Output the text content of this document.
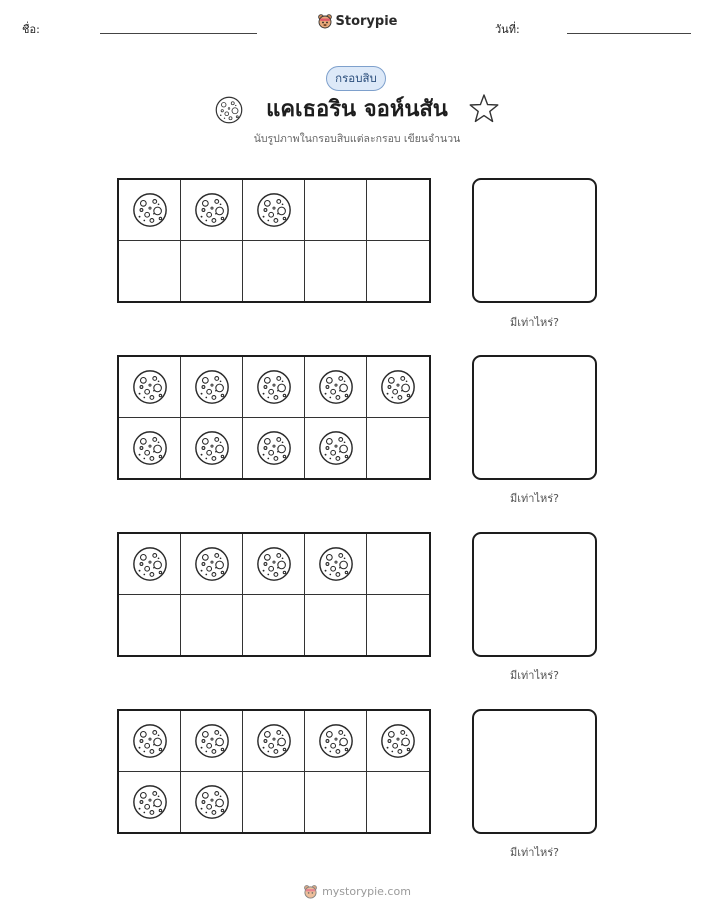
ชื่อ:
Storypie
วันที่:
กรอบสิบ
แคเธอริน จอห์นสัน
นับรูปภาพในกรอบสิบแต่ละกรอบ เขียนจำนวน
มีเท่าไหร่?
มีเท่าไหร่?
มีเท่าไหร่?
มีเท่าไหร่?
mystorypie.com
